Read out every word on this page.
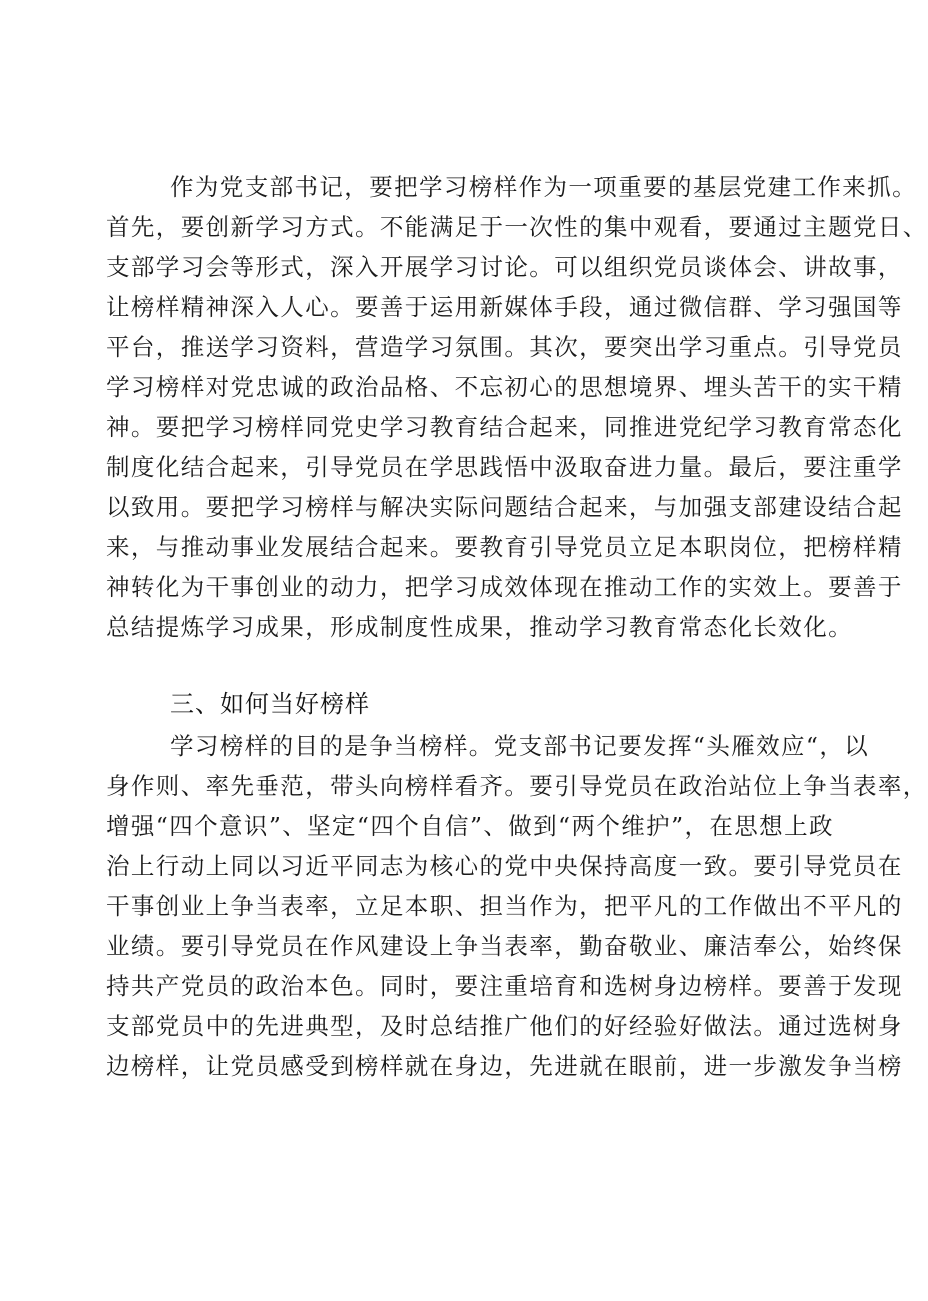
作为党支部书记，要把学习榜样作为一项重要的基层党建工作来抓。
首先，要创新学习方式。不能满足于一次性的集中观看，要通过主题党日、
支部学习会等形式，深入开展学习讨论。可以组织党员谈体会、讲故事，
让榜样精神深入人心。要善于运用新媒体手段，通过微信群、学习强国等
平台，推送学习资料，营造学习氛围。其次，要突出学习重点。引导党员
学习榜样对党忠诚的政治品格、不忘初心的思想境界、埋头苦干的实干精
神。要把学习榜样同党史学习教育结合起来，同推进党纪学习教育常态化
制度化结合起来，引导党员在学思践悟中汲取奋进力量。最后，要注重学
以致用。要把学习榜样与解决实际问题结合起来，与加强支部建设结合起
来，与推动事业发展结合起来。要教育引导党员立足本职岗位，把榜样精
神转化为干事创业的动力，把学习成效体现在推动工作的实效上。要善于
总结提炼学习成果，形成制度性成果，推动学习教育常态化长效化。
三、如何当好榜样
学习榜样的目的是争当榜样。党支部书记要发挥“头雁效应“，以
身作则、率先垂范，带头向榜样看齐。要引导党员在政治站位上争当表率，
增强“四个意识”、坚定“四个自信”、做到“两个维护”，在思想上政
治上行动上同以习近平同志为核心的党中央保持高度一致。要引导党员在
干事创业上争当表率，立足本职、担当作为，把平凡的工作做出不平凡的
业绩。要引导党员在作风建设上争当表率，勤奋敬业、廉洁奉公，始终保
持共产党员的政治本色。同时，要注重培育和选树身边榜样。要善于发现
支部党员中的先进典型，及时总结推广他们的好经验好做法。通过选树身
边榜样，让党员感受到榜样就在身边，先进就在眼前，进一步激发争当榜
